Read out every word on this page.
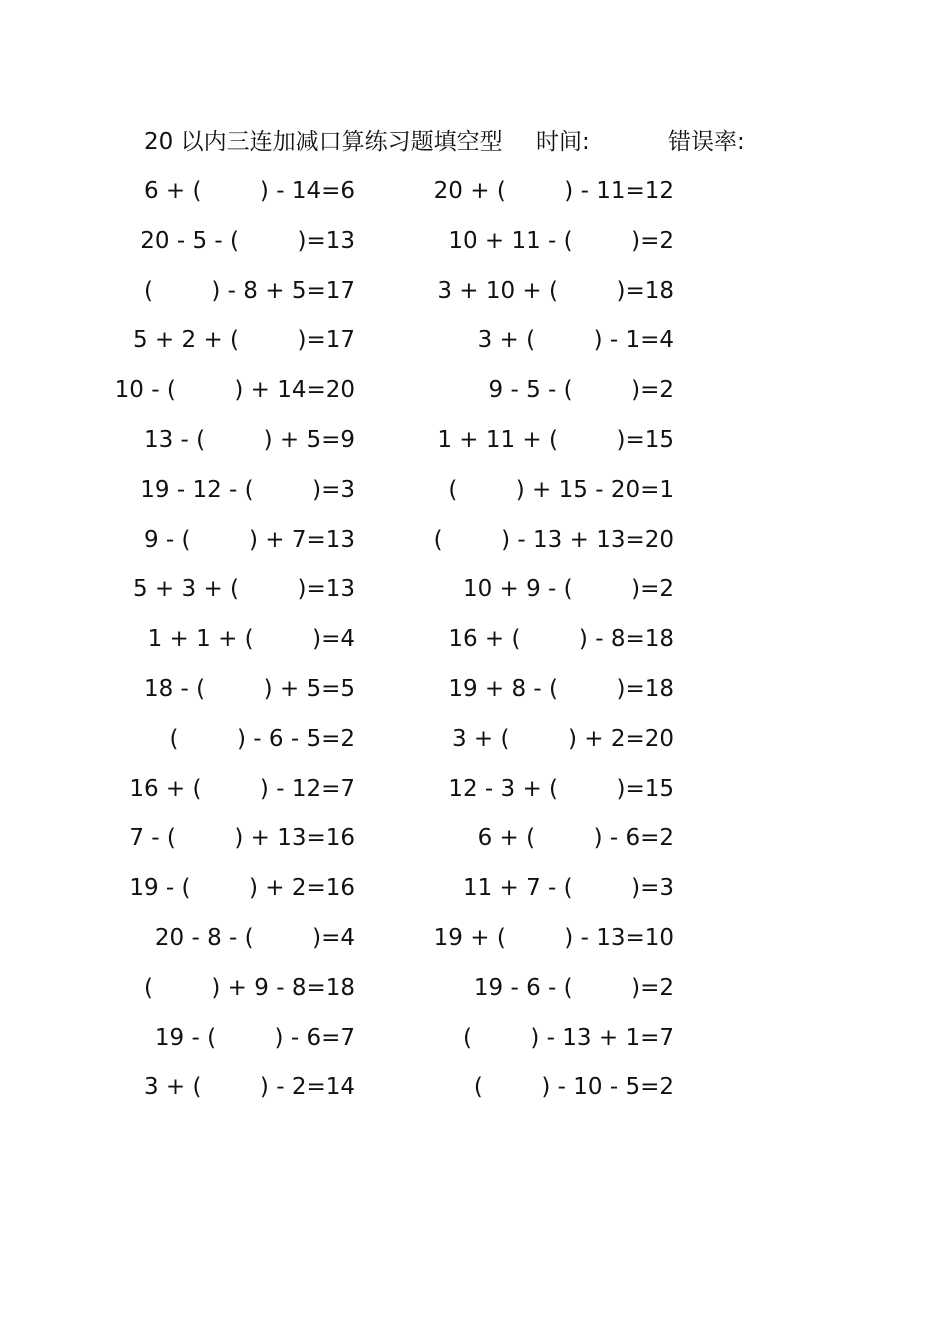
20 以内三连加减口算练习题填空型 时间:	错误率:
6 + (        ) - 14=6	20 + (        ) - 11=12
20 - 5 - (        )=13	10 + 11 - (        )=2
(        ) - 8 + 5=17	3 + 10 + (        )=18
5 + 2 + (        )=17	3 + (        ) - 1=4
10 - (        ) + 14=20	9 - 5 - (        )=2
13 - (        ) + 5=9	1 + 11 + (        )=15
19 - 12 - (        )=3	(        ) + 15 - 20=1
9 - (        ) + 7=13	(        ) - 13 + 13=20
5 + 3 + (        )=13	10 + 9 - (        )=2
1 + 1 + (        )=4	16 + (        ) - 8=18
18 - (        ) + 5=5	19 + 8 - (        )=18
(        ) - 6 - 5=2	3 + (        ) + 2=20
16 + (        ) - 12=7	12 - 3 + (        )=15
7 - (        ) + 13=16	6 + (        ) - 6=2
19 - (        ) + 2=16	11 + 7 - (        )=3
20 - 8 - (        )=4	19 + (        ) - 13=10
(        ) + 9 - 8=18	19 - 6 - (        )=2
19 - (        ) - 6=7	(        ) - 13 + 1=7
3 + (        ) - 2=14	(        ) - 10 - 5=2
